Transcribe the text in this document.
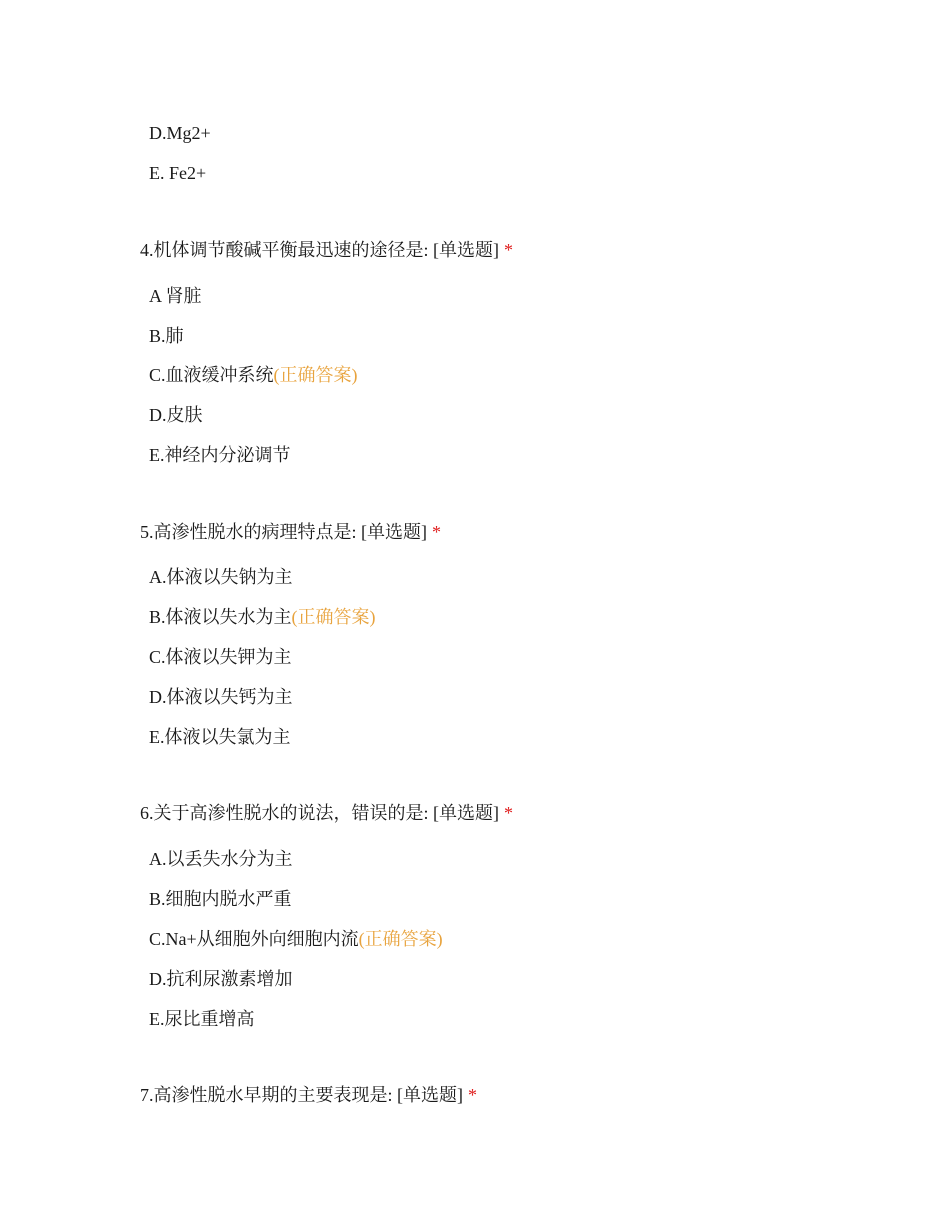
D.Mg2+
E. Fe2+
4.机体调节酸碱平衡最迅速的途径是: [单选题] *
A 肾脏
B.肺
C.血液缓冲系统(正确答案)
D.皮肤
E.神经内分泌调节
5.高渗性脱水的病理特点是: [单选题] *
A.体液以失钠为主
B.体液以失水为主(正确答案)
C.体液以失钾为主
D.体液以失钙为主
E.体液以失氯为主
6.关于高渗性脱水的说法，错误的是: [单选题] *
A.以丢失水分为主
B.细胞内脱水严重
C.Na+从细胞外向细胞内流(正确答案)
D.抗利尿激素增加
E.尿比重增高
7.高渗性脱水早期的主要表现是: [单选题] *
